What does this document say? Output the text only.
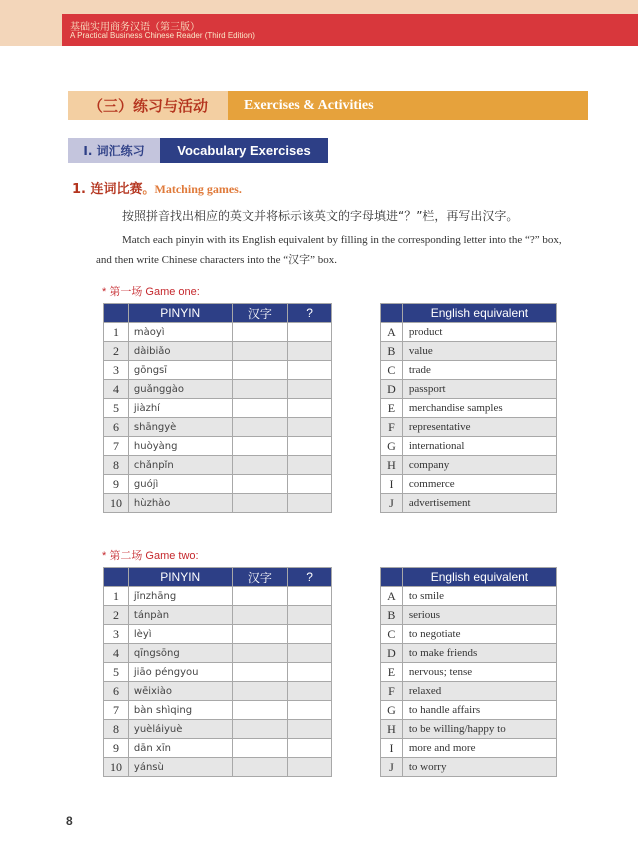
基础实用商务汉语（第三版）
A Practical Business Chinese Reader (Third Edition)
（三）练习与活动	Exercises & Activities
I. 词汇练习	Vocabulary Exercises
1. 连词比赛。Matching games.
按照拼音找出相应的英文并将标示该英文的字母填进“？”栏，再写出汉字。
Match each pinyin with its English equivalent by filling in the corresponding letter into the “?” box, and then write Chinese characters into the “汉字” box.
* 第一场 Game one:
	PINYIN	汉字	?
1	màoyì		
2	dàibiǎo		
3	gōngsī		
4	guǎnggào		
5	jiàzhí		
6	shāngyè		
7	huòyàng		
8	chǎnpǐn		
9	guójì		
10	hùzhào		
	English equivalent
A	product
B	value
C	trade
D	passport
E	merchandise samples
F	representative
G	international
H	company
I	commerce
J	advertisement
* 第二场 Game two:
	PINYIN	汉字	?
1	jǐnzhāng		
2	tánpàn		
3	lèyì		
4	qīngsōng		
5	jiāo péngyou		
6	wēixiào		
7	bàn shìqing		
8	yuèláiyuè		
9	dān xīn		
10	yánsù		
	English equivalent
A	to smile
B	serious
C	to negotiate
D	to make friends
E	nervous; tense
F	relaxed
G	to handle affairs
H	to be willing/happy to
I	more and more
J	to worry
8
